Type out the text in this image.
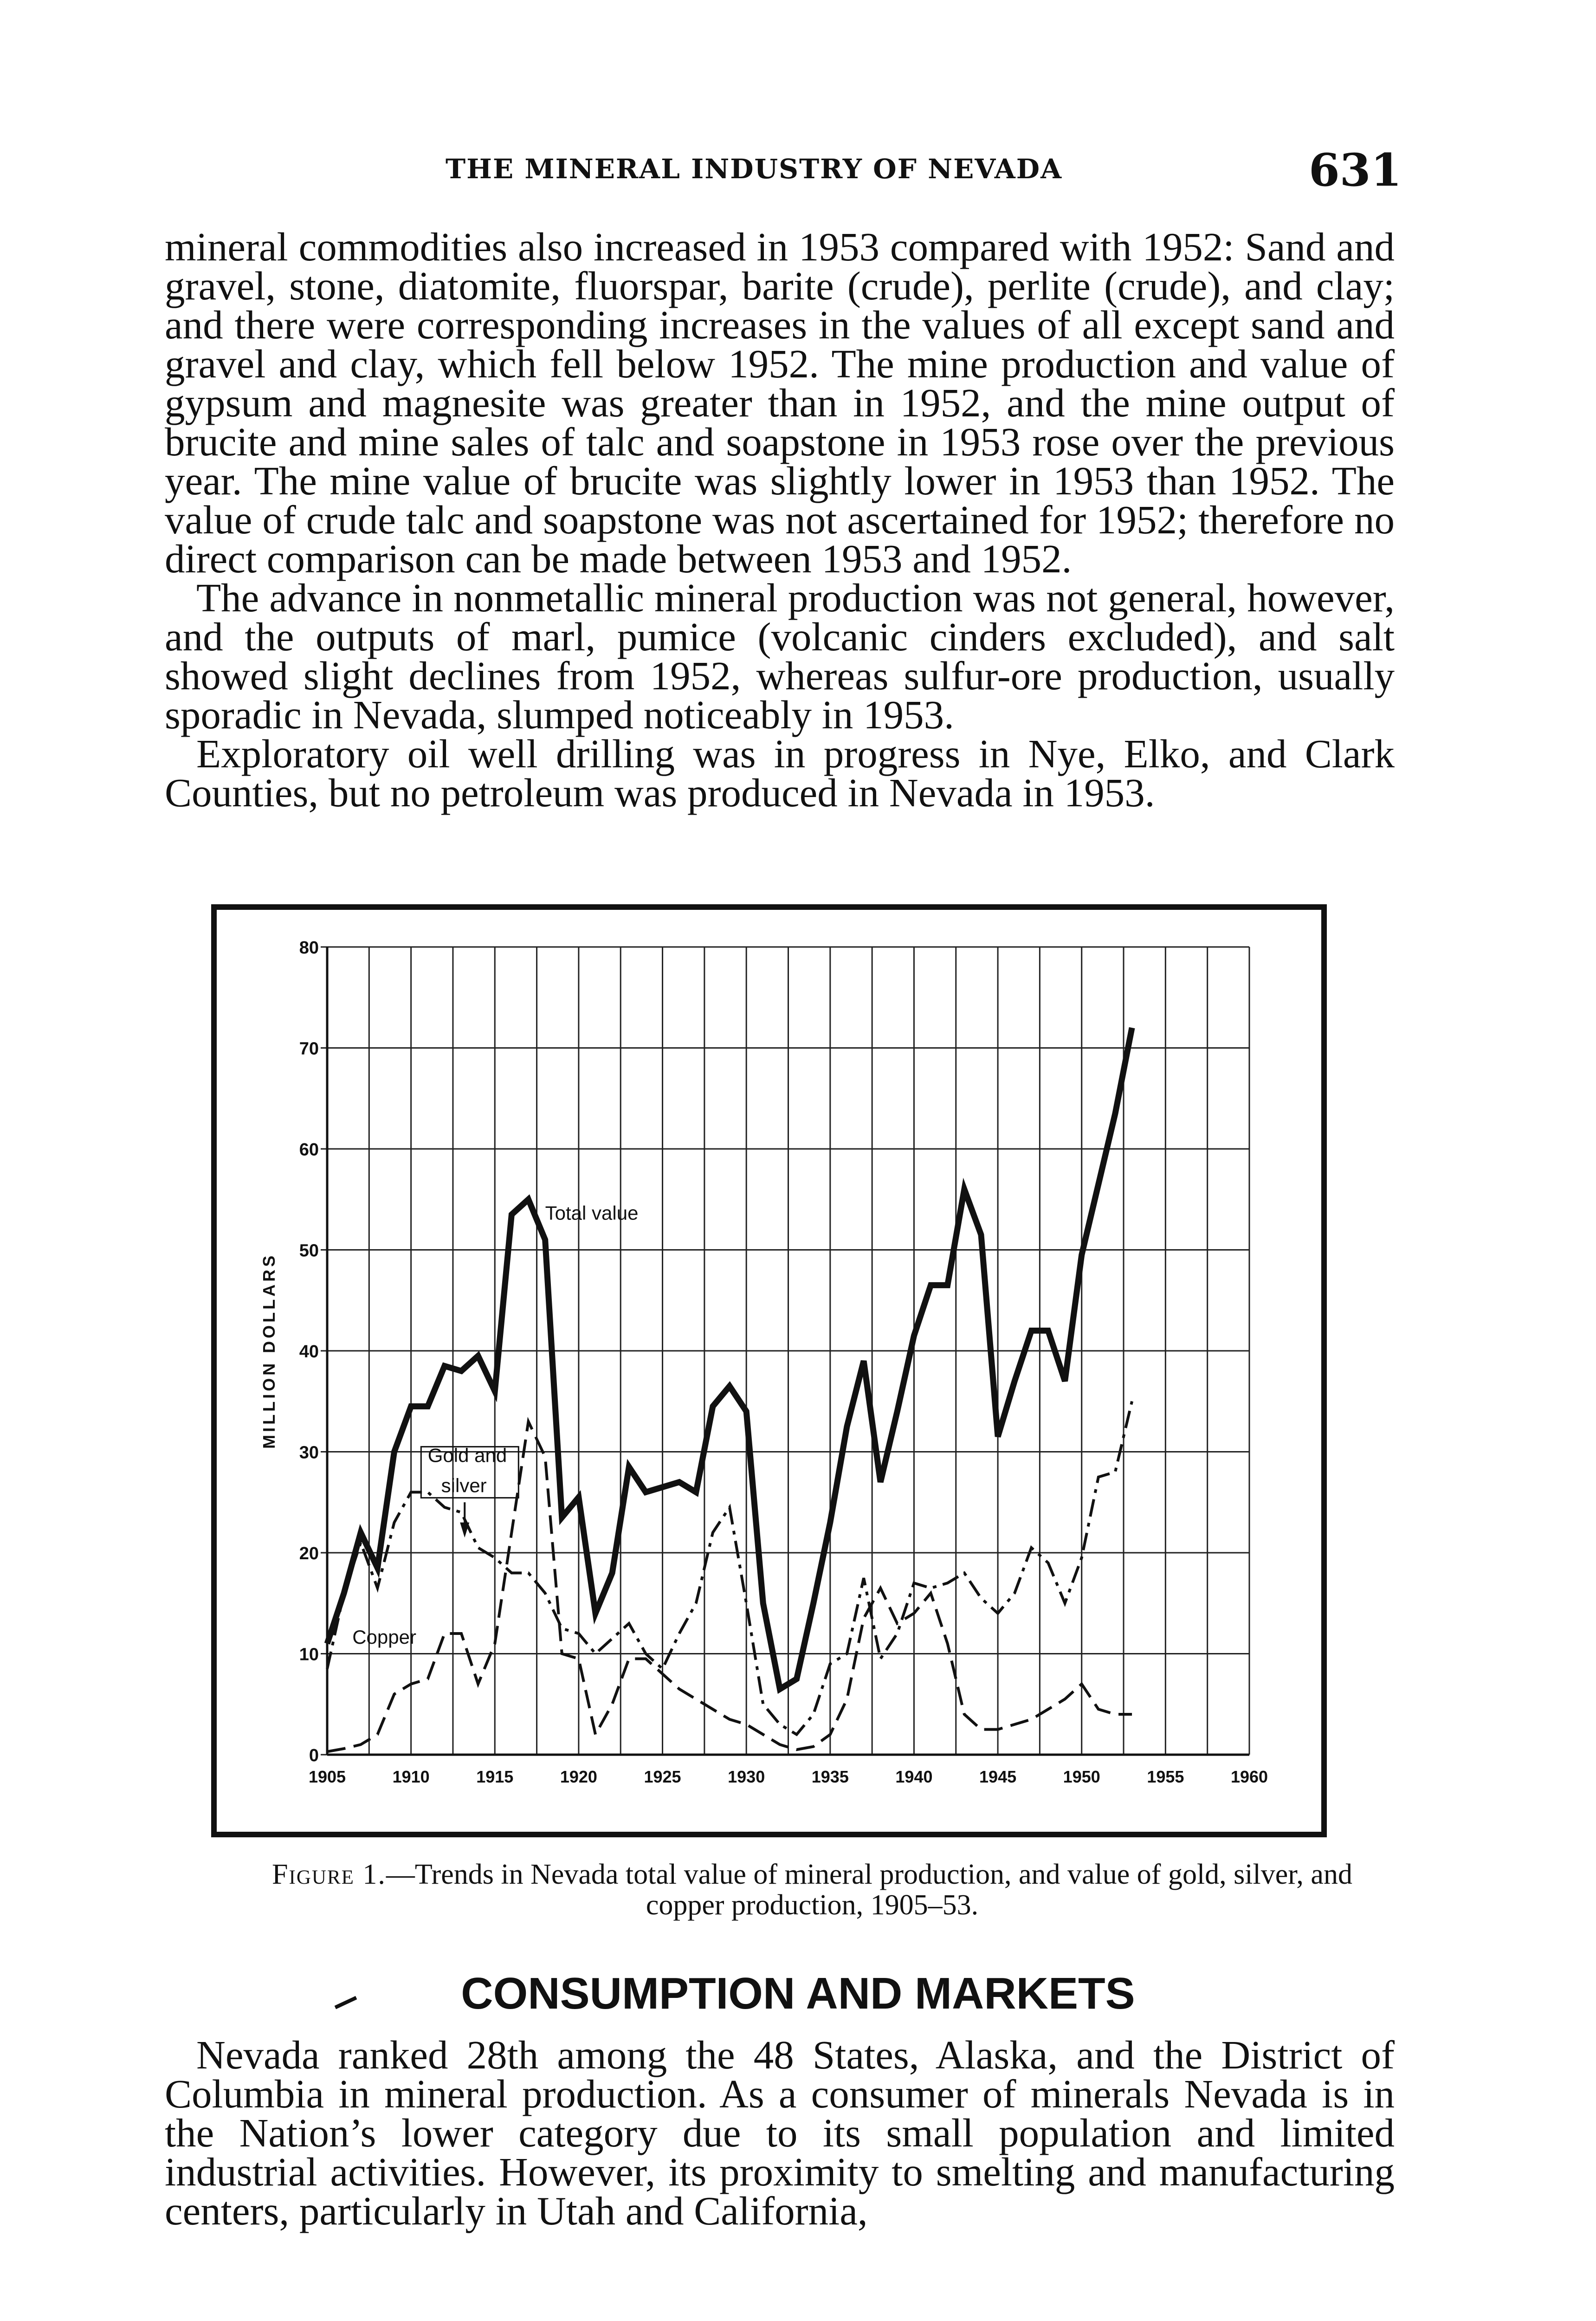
THE MINERAL INDUSTRY OF NEVADA	631

mineral commodities also increased in 1953 compared with 1952: Sand and gravel, stone, diatomite, fluorspar, barite (crude), perlite (crude), and clay; and there were corresponding increases in the values of all except sand and gravel and clay, which fell below 1952. The mine production and value of gypsum and magnesite was greater than in 1952, and the mine output of brucite and mine sales of talc and soapstone in 1953 rose over the previous year. The mine value of brucite was slightly lower in 1953 than 1952. The value of crude talc and soapstone was not ascertained for 1952; therefore no direct comparison can be made between 1953 and 1952.

The advance in nonmetallic mineral production was not general, however, and the outputs of marl, pumice (volcanic cinders excluded), and salt showed slight declines from 1952, whereas sulfur-ore production, usually sporadic in Nevada, slumped noticeably in 1953.

Exploratory oil well drilling was in progress in Nye, Elko, and Clark Counties, but no petroleum was produced in Nevada in 1953.

0
10
20
30
40
50
60
70
80
1905	1910	1915	1920	1925	1930	1935	1940	1945	1950	1955	1960
MILLION DOLLARS
Total value
Gold and
silver
Copper
Figure 1.—Trends in Nevada total value of mineral production, and value of gold, silver, and copper production, 1905–53.
CONSUMPTION AND MARKETS

Nevada ranked 28th among the 48 States, Alaska, and the District of Columbia in mineral production. As a consumer of minerals Nevada is in the Nation’s lower category due to its small population and limited industrial activities. However, its proximity to smelting and manufacturing centers, particularly in Utah and California,
